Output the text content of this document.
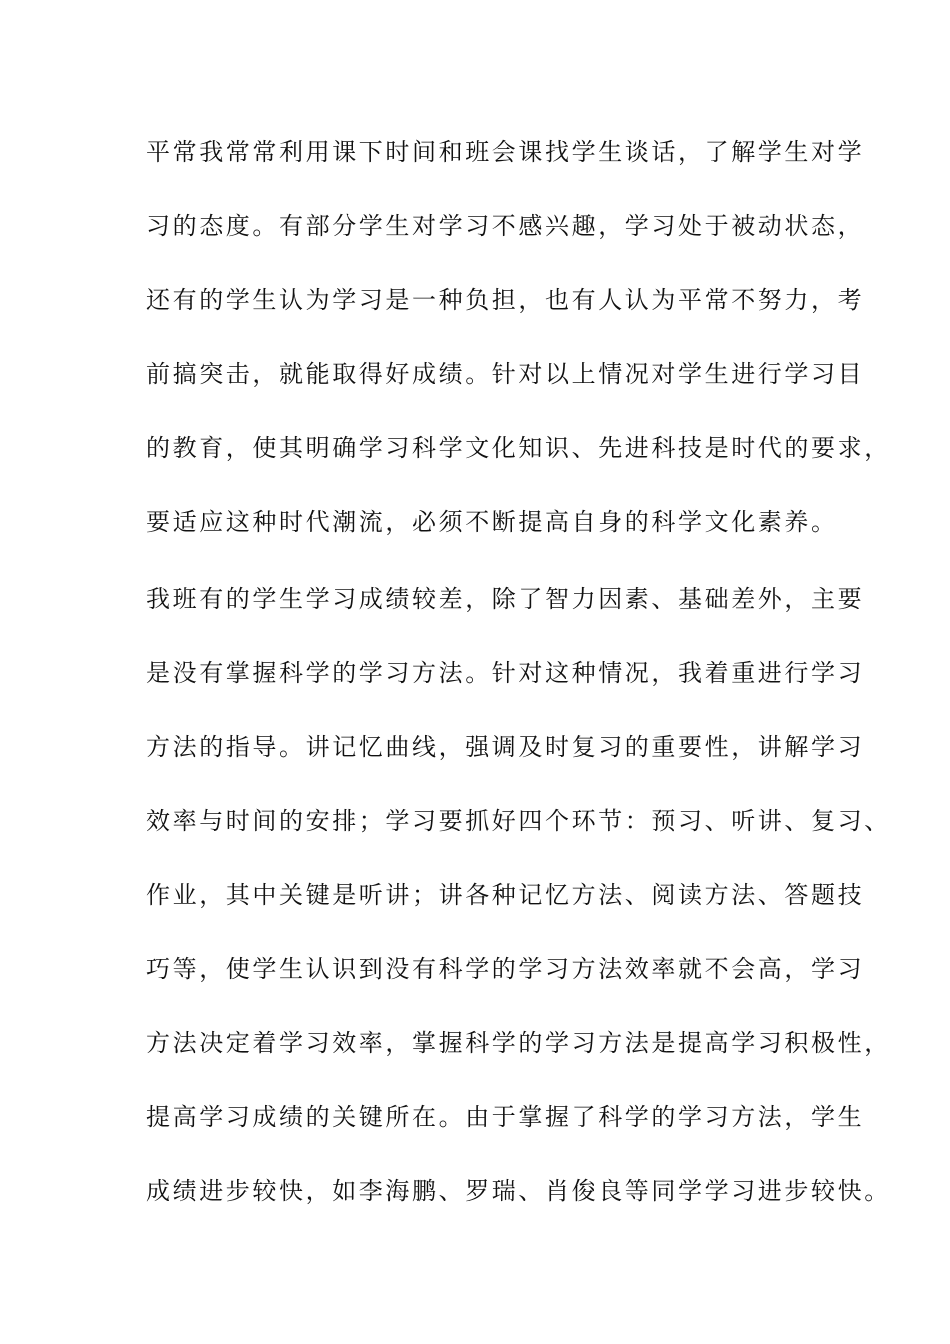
平常我常常利用课下时间和班会课找学生谈话，了解学生对学
习的态度。有部分学生对学习不感兴趣，学习处于被动状态，
还有的学生认为学习是一种负担，也有人认为平常不努力，考
前搞突击，就能取得好成绩。针对以上情况对学生进行学习目
的教育，使其明确学习科学文化知识、先进科技是时代的要求，
要适应这种时代潮流，必须不断提高自身的科学文化素养。
我班有的学生学习成绩较差，除了智力因素、基础差外，主要
是没有掌握科学的学习方法。针对这种情况，我着重进行学习
方法的指导。讲记忆曲线，强调及时复习的重要性，讲解学习
效率与时间的安排；学习要抓好四个环节：预习、听讲、复习、
作业，其中关键是听讲；讲各种记忆方法、阅读方法、答题技
巧等，使学生认识到没有科学的学习方法效率就不会高，学习
方法决定着学习效率，掌握科学的学习方法是提高学习积极性，
提高学习成绩的关键所在。由于掌握了科学的学习方法，学生
成绩进步较快，如李海鹏、罗瑞、肖俊良等同学学习进步较快。
